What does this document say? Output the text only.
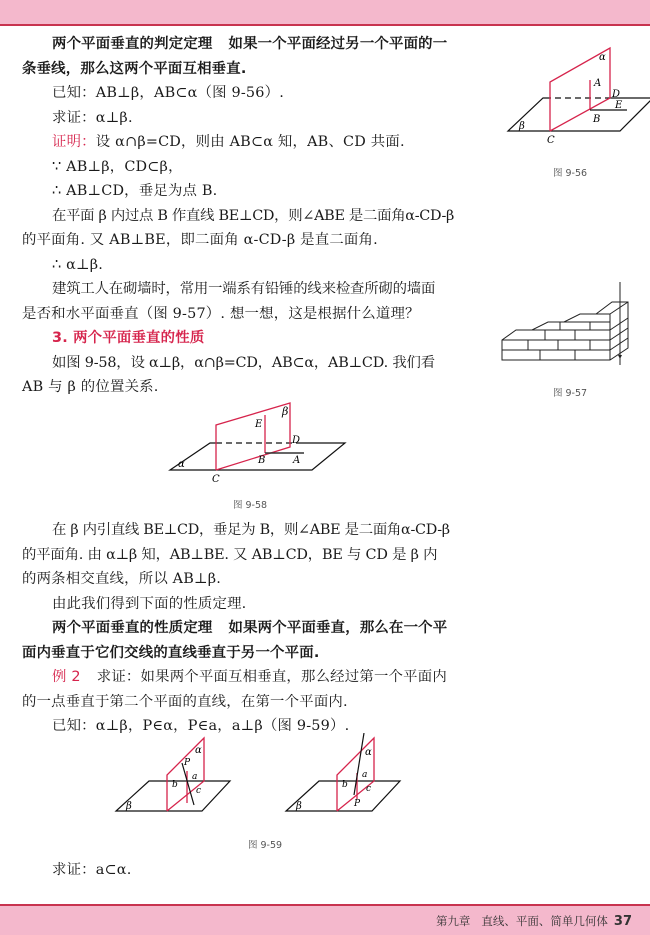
两个平面垂直的判定定理 如果一个平面经过另一个平面的一
条垂线，那么这两个平面互相垂直.
已知：AB⊥β，AB⊂α（图 9-56）.
求证：α⊥β.
证明：设 α∩β=CD，则由 AB⊂α 知，AB、CD 共面.
∵ AB⊥β，CD⊂β，
∴ AB⊥CD，垂足为点 B.
在平面 β 内过点 B 作直线 BE⊥CD，则∠ABE 是二面角α-CD-β
的平面角. 又 AB⊥BE，即二面角 α-CD-β 是直二面角.
∴ α⊥β.
建筑工人在砌墙时，常用一端系有铅锤的线来检查所砌的墙面
是否和水平面垂直（图 9-57）. 想一想，这是根据什么道理？
3. 两个平面垂直的性质
如图 9-58，设 α⊥β，α∩β=CD，AB⊂α，AB⊥CD. 我们看
AB 与 β 的位置关系.
β
E
D
B	A
α
C
图 9-58
α
A
D
E
B
β
C
图 9-56
图 9-57
在 β 内引直线 BE⊥CD，垂足为 B，则∠ABE 是二面角α-CD-β
的平面角. 由 α⊥β 知，AB⊥BE. 又 AB⊥CD，BE 与 CD 是 β 内
的两条相交直线，所以 AB⊥β.
由此我们得到下面的性质定理.
两个平面垂直的性质定理 如果两个平面垂直，那么在一个平
面内垂直于它们交线的直线垂直于另一个平面.
例 2 求证：如果两个平面互相垂直，那么经过第一个平面内
的一点垂直于第二个平面的直线，在第一个平面内.
已知：α⊥β，P∈α，P∈a，a⊥β（图 9-59）.
α
P
b
a
c
β
α
b
a
c
P
β
图 9-59
求证：a⊂α.
第九章   直线、平面、简单几何体 37
